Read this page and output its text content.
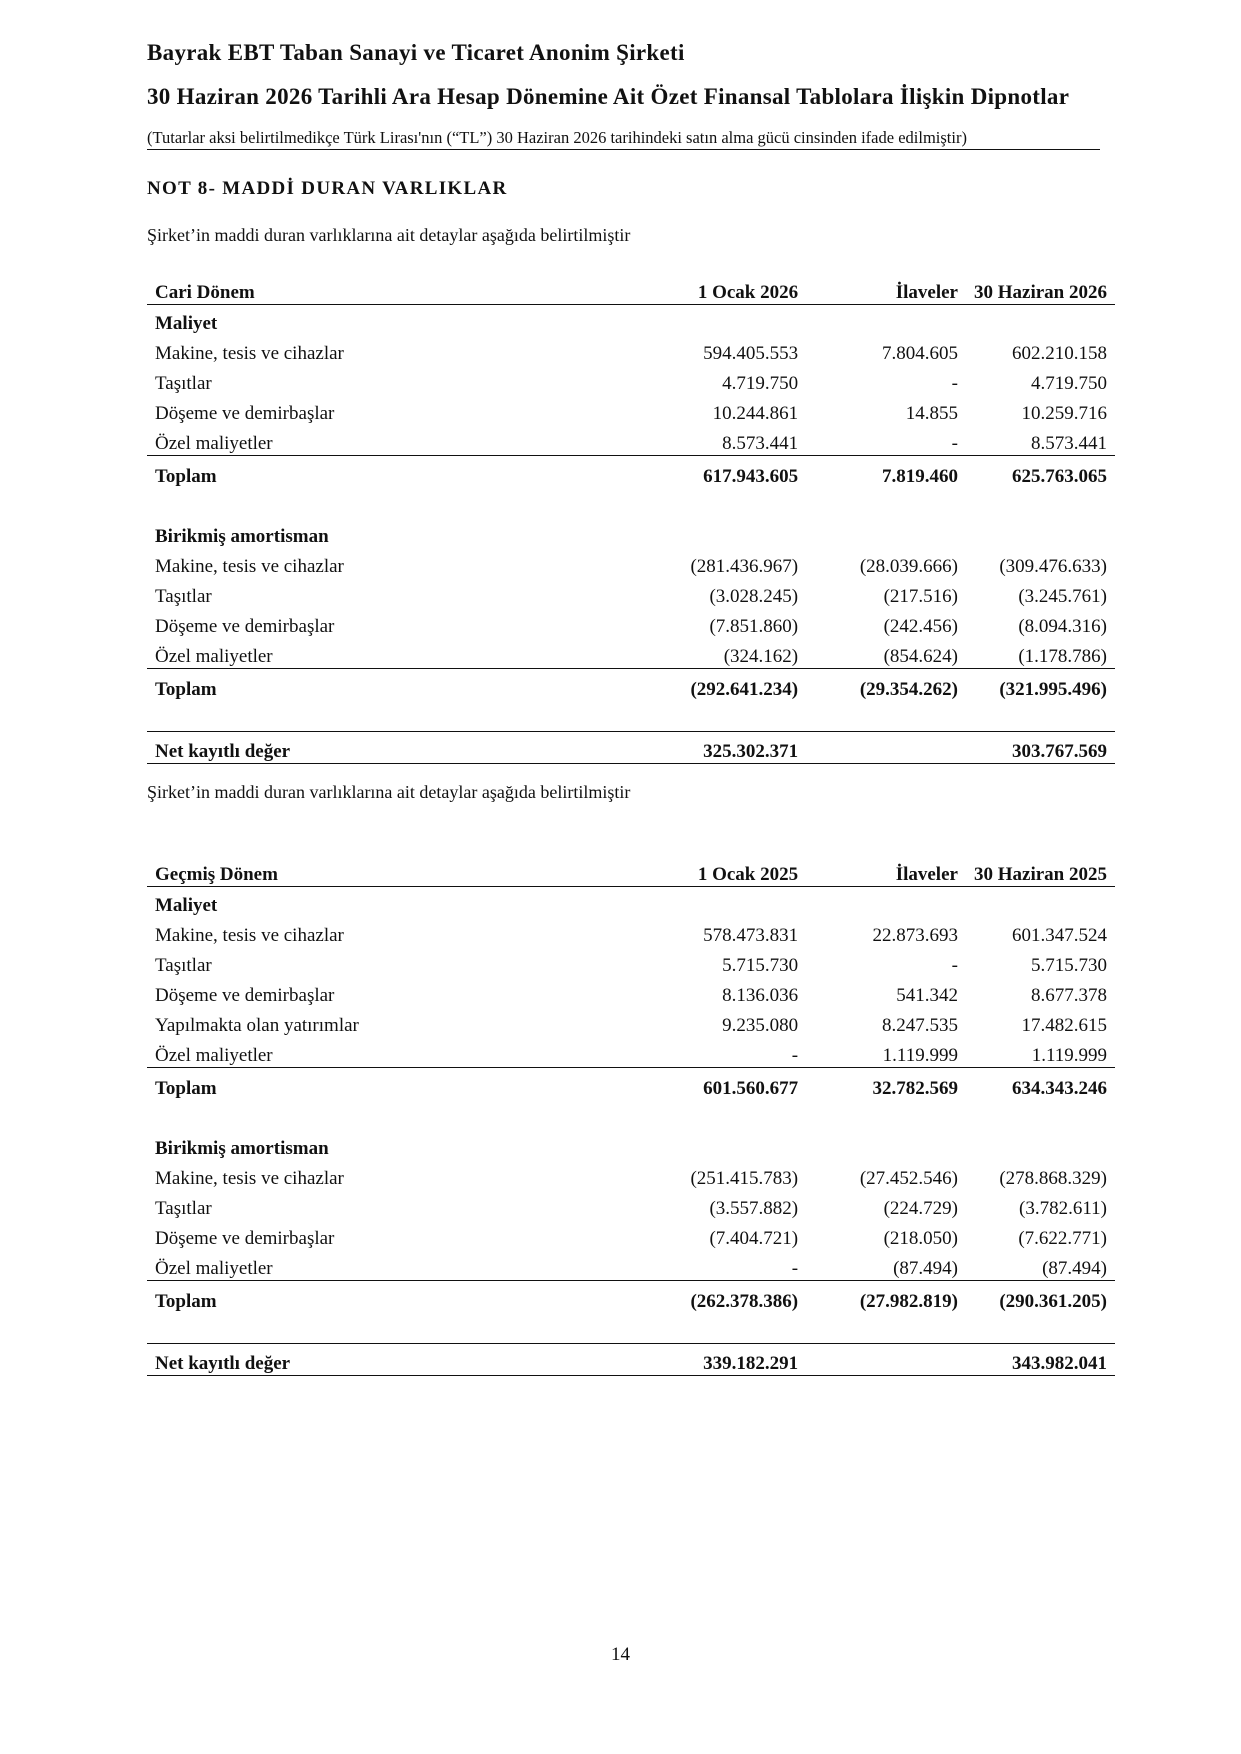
Bayrak EBT Taban Sanayi ve Ticaret Anonim Şirketi
30 Haziran 2026 Tarihli Ara Hesap Dönemine Ait Özet Finansal Tablolara İlişkin Dipnotlar
(Tutarlar aksi belirtilmedikçe Türk Lirası'nın (“TL”) 30 Haziran 2026 tarihindeki satın alma gücü cinsinden ifade edilmiştir)
NOT 8- MADDİ DURAN VARLIKLAR
Şirket’in maddi duran varlıklarına ait detaylar aşağıda belirtilmiştir
Cari Dönem	1 Ocak 2026	İlaveler	30 Haziran 2026
Maliyet			
Makine, tesis ve cihazlar	594.405.553	7.804.605	602.210.158
Taşıtlar	4.719.750	-	4.719.750
Döşeme ve demirbaşlar	10.244.861	14.855	10.259.716
Özel maliyetler	8.573.441	-	8.573.441
Toplam	617.943.605	7.819.460	625.763.065

Birikmiş amortisman			
Makine, tesis ve cihazlar	(281.436.967)	(28.039.666)	(309.476.633)
Taşıtlar	(3.028.245)	(217.516)	(3.245.761)
Döşeme ve demirbaşlar	(7.851.860)	(242.456)	(8.094.316)
Özel maliyetler	(324.162)	(854.624)	(1.178.786)
Toplam	(292.641.234)	(29.354.262)	(321.995.496)

Net kayıtlı değer	325.302.371		303.767.569
Şirket’in maddi duran varlıklarına ait detaylar aşağıda belirtilmiştir
Geçmiş Dönem	1 Ocak 2025	İlaveler	30 Haziran 2025
Maliyet			
Makine, tesis ve cihazlar	578.473.831	22.873.693	601.347.524
Taşıtlar	5.715.730	-	5.715.730
Döşeme ve demirbaşlar	8.136.036	541.342	8.677.378
Yapılmakta olan yatırımlar	9.235.080	8.247.535	17.482.615
Özel maliyetler	-	1.119.999	1.119.999
Toplam	601.560.677	32.782.569	634.343.246

Birikmiş amortisman			
Makine, tesis ve cihazlar	(251.415.783)	(27.452.546)	(278.868.329)
Taşıtlar	(3.557.882)	(224.729)	(3.782.611)
Döşeme ve demirbaşlar	(7.404.721)	(218.050)	(7.622.771)
Özel maliyetler	-	(87.494)	(87.494)
Toplam	(262.378.386)	(27.982.819)	(290.361.205)

Net kayıtlı değer	339.182.291		343.982.041
14
